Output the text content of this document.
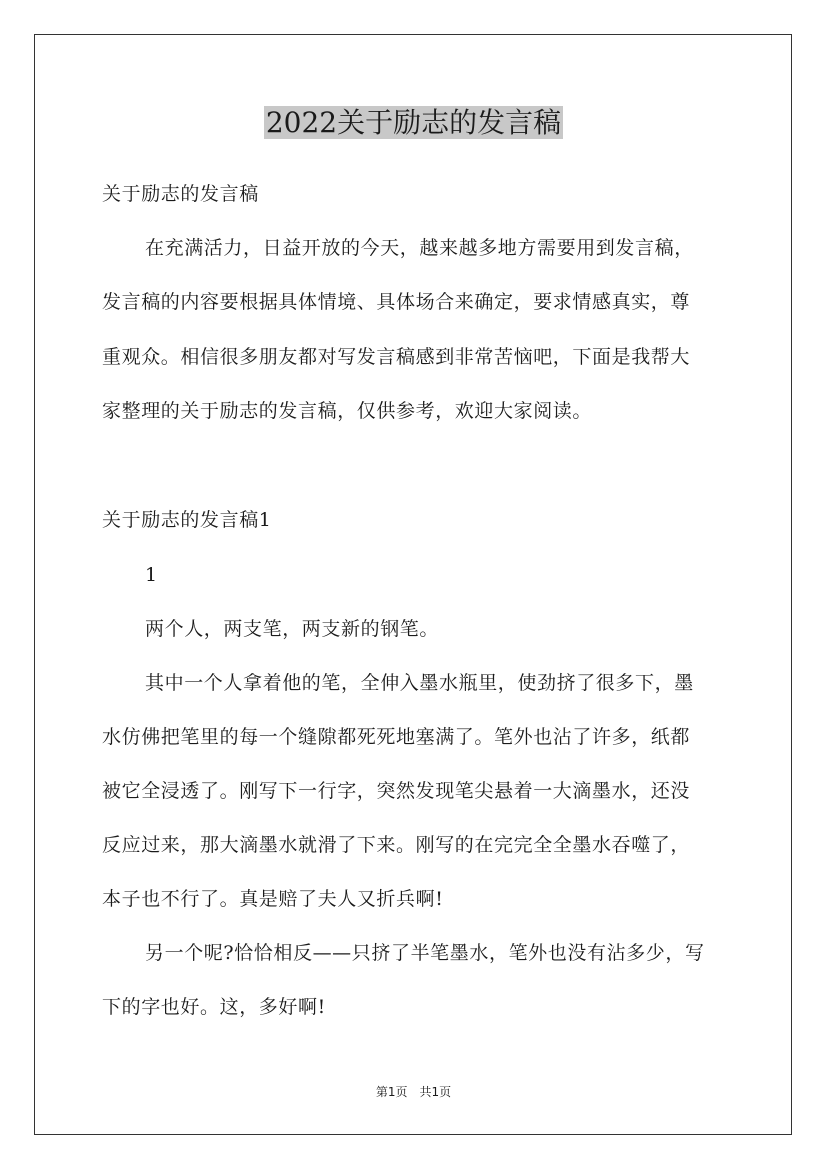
2022关于励志的发言稿
关于励志的发言稿
在充满活力，日益开放的今天，越来越多地方需要用到发言稿，
发言稿的内容要根据具体情境、具体场合来确定，要求情感真实，尊
重观众。相信很多朋友都对写发言稿感到非常苦恼吧，下面是我帮大
家整理的关于励志的发言稿，仅供参考，欢迎大家阅读。
关于励志的发言稿1
1
两个人，两支笔，两支新的钢笔。
其中一个人拿着他的笔，全伸入墨水瓶里，使劲挤了很多下，墨
水仿佛把笔里的每一个缝隙都死死地塞满了。笔外也沾了许多，纸都
被它全浸透了。刚写下一行字，突然发现笔尖悬着一大滴墨水，还没
反应过来，那大滴墨水就滑了下来。刚写的在完完全全墨水吞噬了，
本子也不行了。真是赔了夫人又折兵啊!
另一个呢?恰恰相反——只挤了半笔墨水，笔外也没有沾多少，写
下的字也好。这，多好啊!
第1页　共1页
